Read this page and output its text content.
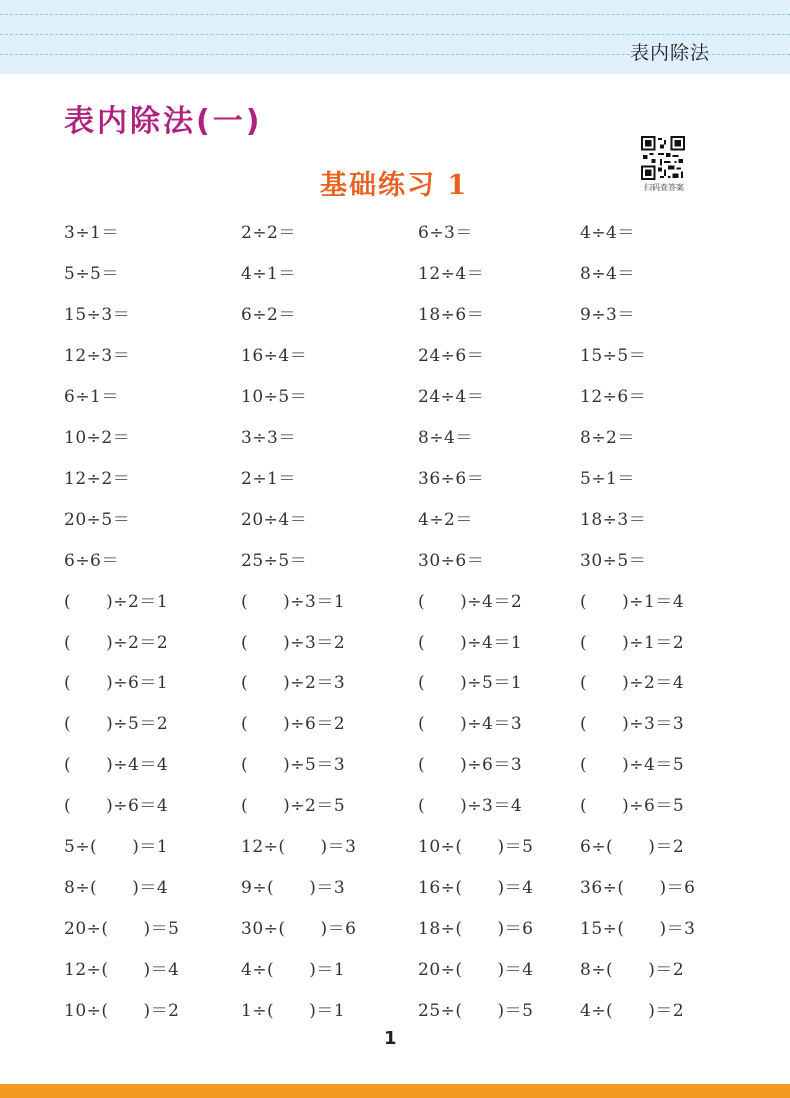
表内除法
表内除法(一)
基础练习 1	扫码查答案
3÷1＝	2÷2＝	6÷3＝	4÷4＝
5÷5＝	4÷1＝	12÷4＝	8÷4＝
15÷3＝	6÷2＝	18÷6＝	9÷3＝
12÷3＝	16÷4＝	24÷6＝	15÷5＝
6÷1＝	10÷5＝	24÷4＝	12÷6＝
10÷2＝	3÷3＝	8÷4＝	8÷2＝
12÷2＝	2÷1＝	36÷6＝	5÷1＝
20÷5＝	20÷4＝	4÷2＝	18÷3＝
6÷6＝	25÷5＝	30÷6＝	30÷5＝
(　　)÷2＝1	(　　)÷3＝1	(　　)÷4＝2	(　　)÷1＝4
(　　)÷2＝2	(　　)÷3＝2	(　　)÷4＝1	(　　)÷1＝2
(　　)÷6＝1	(　　)÷2＝3	(　　)÷5＝1	(　　)÷2＝4
(　　)÷5＝2	(　　)÷6＝2	(　　)÷4＝3	(　　)÷3＝3
(　　)÷4＝4	(　　)÷5＝3	(　　)÷6＝3	(　　)÷4＝5
(　　)÷6＝4	(　　)÷2＝5	(　　)÷3＝4	(　　)÷6＝5
5÷(　　)＝1	12÷(　　)＝3	10÷(　　)＝5	6÷(　　)＝2
8÷(　　)＝4	9÷(　　)＝3	16÷(　　)＝4	36÷(　　)＝6
20÷(　　)＝5	30÷(　　)＝6	18÷(　　)＝6	15÷(　　)＝3
12÷(　　)＝4	4÷(　　)＝1	20÷(　　)＝4	8÷(　　)＝2
10÷(　　)＝2	1÷(　　)＝1	25÷(　　)＝5	4÷(　　)＝2
1
